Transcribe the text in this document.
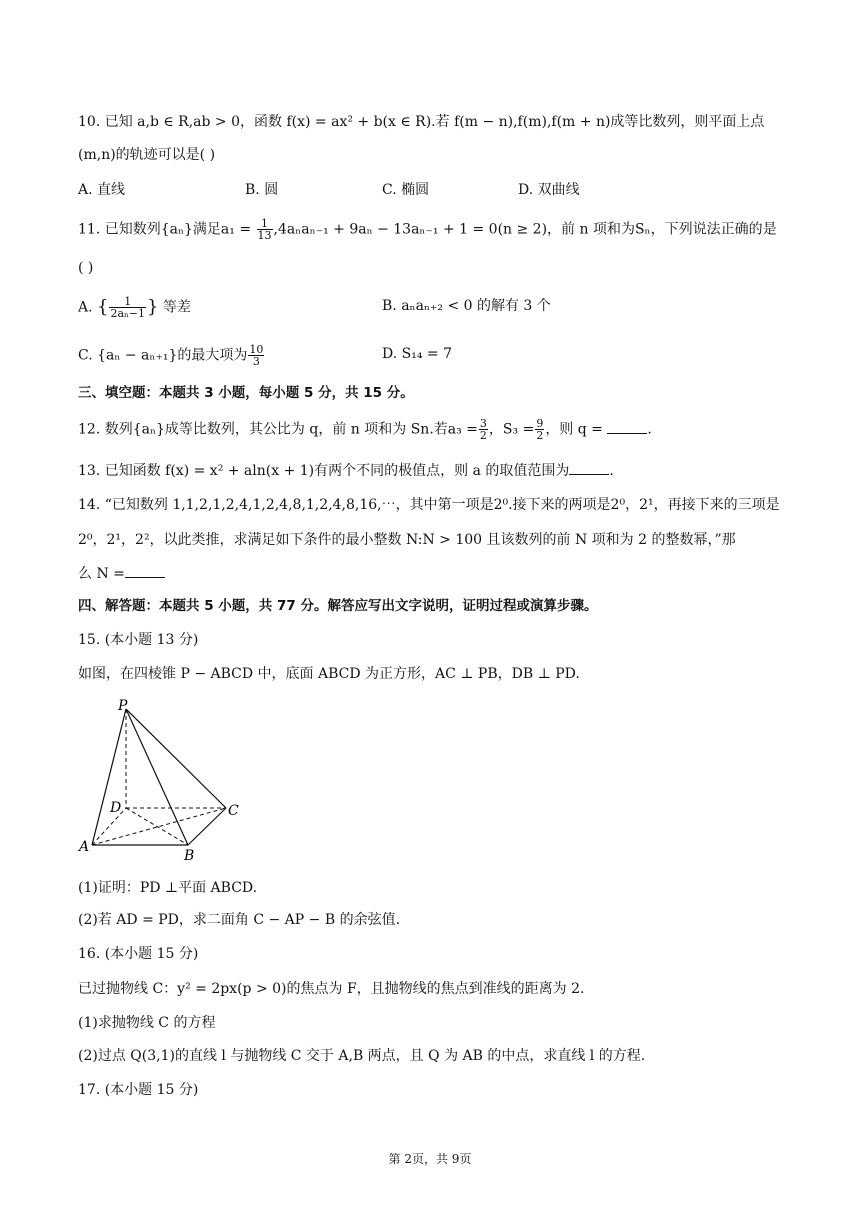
10. 已知 a,b ∈ R,ab > 0，函数 f(x) = ax² + b(x ∈ R).若 f(m − n),f(m),f(m + n)成等比数列，则平面上点
(m,n)的轨迹可以是( )
A. 直线	B. 圆	C. 椭圆	D. 双曲线
11. 已知数列{aₙ}满足$a_1 = \frac{1}{13} ,4a_na_{n-1} + 9a_n - 13a_{n-1} + 1 = 0(n \ge 2)$，前 n 项和为Sₙ，下列说法正确的是
( )
A. { $\frac{1}{\text{2aₙ−1}}$ } 等差	B. aₙaₙ₊₂ < 0 的解有 3 个
C. {aₙ − aₙ₊₁}的最大项为 $\frac{10}{3}$	D. S₁₄ = 7
三、填空题：本题共 3 小题，每小题 5 分，共 15 分。
12. 数列{aₙ}成等比数列，其公比为 q，前 n 项和为 Sn.若$a_3 = \frac{3}{2}$ ，$S_3 = \frac{9}{2}$ ，则 q =	.
13. 已知函数 f(x) = x² + aln(x + 1)有两个不同的极值点，则 a 的取值范围为	.
14. “已知数列 1,1,2,1,2,4,1,2,4,8,1,2,4,8,16,⋯，其中第一项是2⁰.接下来的两项是2⁰，2¹，再接下来的三项是
2⁰，2¹，2²，以此类推，求满足如下条件的最小整数 N:N > 100 且该数列的前 N 项和为 2 的整数幂，”那
么 N =
四、解答题：本题共 5 小题，共 77 分。解答应写出文字说明，证明过程或演算步骤。
15. (本小题 13 分)
如图，在四棱锥 P − ABCD 中，底面 ABCD 为正方形，AC ⊥ PB，DB ⊥ PD.
P
D	C
A
B
(1)证明：PD ⊥平面 ABCD.
(2)若 AD = PD，求二面角 C − AP − B 的余弦值.
16. (本小题 15 分)
已过抛物线 C：y² = 2px(p > 0)的焦点为 F，且抛物线的焦点到准线的距离为 2.
(1)求抛物线 C 的方程
(2)过点 Q(3,1)的直线 l 与抛物线 C 交于 A,B 两点，且 Q 为 AB 的中点，求直线 l 的方程.
17. (本小题 15 分)
第 2页，共 9页
